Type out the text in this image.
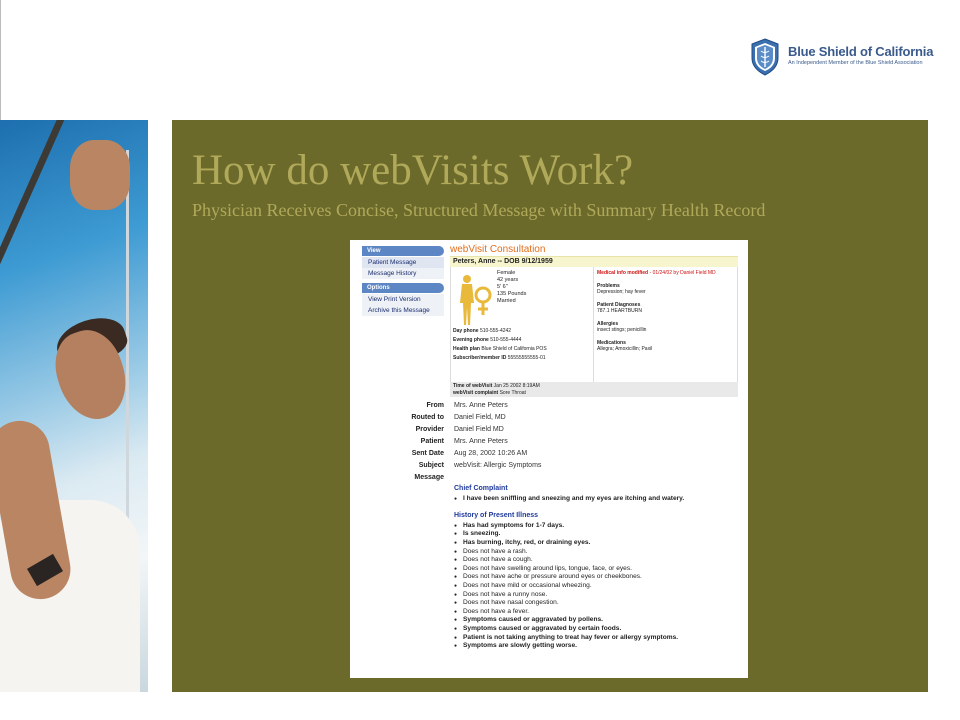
Blue Shield of California
An Independent Member of the Blue Shield Association
How do webVisits Work?
Physician Receives Concise, Structured Message with Summary Health Record
View
Patient Message
Message History
Options
View Print Version
Archive this Message
webVisit Consultation
Peters, Anne -- DOB 9/12/1959
Female
42 years
5' 6"
135 Pounds
Married
Day phone 510-555-4242
Evening phone 510-555-4444
Health plan Blue Shield of California POS
Subscriber/member ID 55555555555-01
Medical info modified - 01/24/02 by Daniel Field MD
Problems
Depression; hay fever
Patient Diagnoses
787.1 HEARTBURN
Allergies
insect stings; penicillin
Medications
Allegra; Amoxicillin; Paxil
Time of webVisit Jan 25 2002 8:19AM
webVisit complaint Sore Throat
From Mrs. Anne Peters
Routed to Daniel Field, MD
Provider Daniel Field MD
Patient Mrs. Anne Peters
Sent Date Aug 28, 2002 10:26 AM
Subject webVisit: Allergic Symptoms
Message
Chief Complaint
● I have been sniffling and sneezing and my eyes are itching and watery.
History of Present Illness
● Has had symptoms for 1-7 days.
● Is sneezing.
● Has burning, itchy, red, or draining eyes.
● Does not have a rash.
● Does not have a cough.
● Does not have swelling around lips, tongue, face, or eyes.
● Does not have ache or pressure around eyes or cheekbones.
● Does not have mild or occasional wheezing.
● Does not have a runny nose.
● Does not have nasal congestion.
● Does not have a fever.
● Symptoms caused or aggravated by pollens.
● Symptoms caused or aggravated by certain foods.
● Patient is not taking anything to treat hay fever or allergy symptoms.
● Symptoms are slowly getting worse.
